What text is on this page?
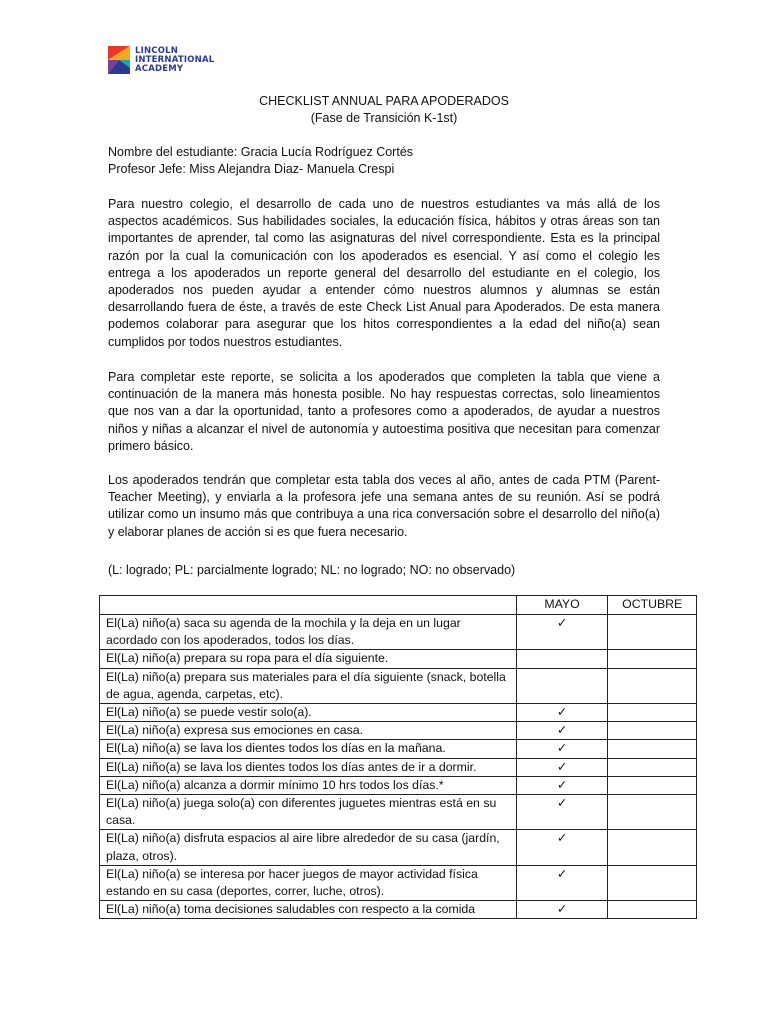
LINCOLN
INTERNATIONAL
ACADEMY
CHECKLIST ANNUAL PARA APODERADOS
(Fase de Transición K-1st)
Nombre del estudiante: Gracia Lucía Rodríguez Cortés
Profesor Jefe: Miss Alejandra Diaz- Manuela Crespi
Para nuestro colegio, el desarrollo de cada uno de nuestros estudiantes va más allá de los aspectos académicos. Sus habilidades sociales, la educación física, hábitos y otras áreas son tan importantes de aprender, tal como las asignaturas del nivel correspondiente. Esta es la principal razón por la cual la comunicación con los apoderados es esencial. Y así como el colegio les entrega a los apoderados un reporte general del desarrollo del estudiante en el colegio, los apoderados nos pueden ayudar a entender cómo nuestros alumnos y alumnas se están desarrollando fuera de éste, a través de este Check List Anual para Apoderados. De esta manera podemos colaborar para asegurar que los hitos correspondientes a la edad del niño(a) sean cumplidos por todos nuestros estudiantes.
Para completar este reporte, se solicita a los apoderados que completen la tabla que viene a continuación de la manera más honesta posible. No hay respuestas correctas, solo lineamientos que nos van a dar la oportunidad, tanto a profesores como a apoderados, de ayudar a nuestros niños y niñas a alcanzar el nivel de autonomía y autoestima positiva que necesitan para comenzar primero básico.
Los apoderados tendrán que completar esta tabla dos veces al año, antes de cada PTM (Parent-Teacher Meeting), y enviarla a la profesora jefe una semana antes de su reunión. Así se podrá utilizar como un insumo más que contribuya a una rica conversación sobre el desarrollo del niño(a) y elaborar planes de acción si es que fuera necesario.
(L: logrado; PL: parcialmente logrado; NL: no logrado; NO: no observado)
	MAYO	OCTUBRE
El(La) niño(a) saca su agenda de la mochila y la deja en un lugar acordado con los apoderados, todos los días.	✓	
El(La) niño(a) prepara su ropa para el día siguiente.		
El(La) niño(a) prepara sus materiales para el día siguiente (snack, botella de agua, agenda, carpetas, etc).		
El(La) niño(a) se puede vestir solo(a).	✓	
El(La) niño(a) expresa sus emociones en casa.	✓	
El(La) niño(a) se lava los dientes todos los días en la mañana.	✓	
El(La) niño(a) se lava los dientes todos los días antes de ir a dormir.	✓	
El(La) niño(a) alcanza a dormir mínimo 10 hrs todos los días.*	✓	
El(La) niño(a) juega solo(a) con diferentes juguetes mientras está en su casa.	✓	
El(La) niño(a) disfruta espacios al aire libre alrededor de su casa (jardín, plaza, otros).	✓	
El(La) niño(a) se interesa por hacer juegos de mayor actividad física estando en su casa (deportes, correr, luche, otros).	✓	
El(La) niño(a) toma decisiones saludables con respecto a la comida	✓	
